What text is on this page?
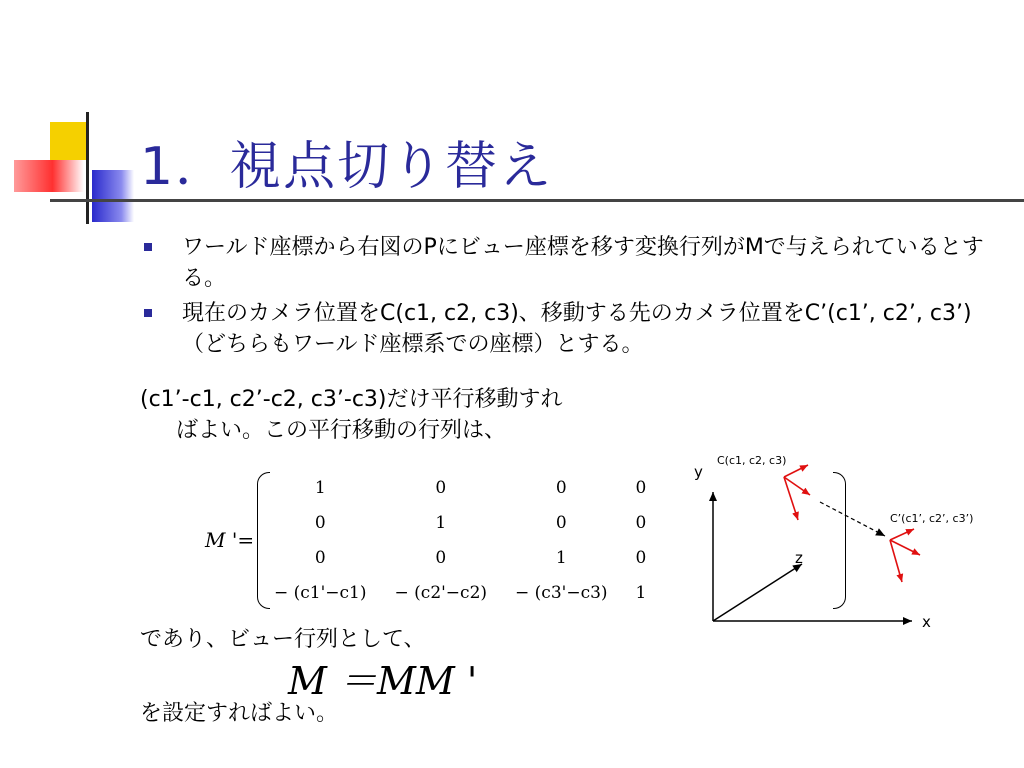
1．視点切り替え
ワールド座標から右図のPにビュー座標を移す変換行列がMで与えられているとする。
現在のカメラ位置をC(c1, c2, c3)、移動する先のカメラ位置をC’(c1’, c2’, c3’)（どちらもワールド座標系での座標）とする。
(c1’-c1, c2’-c2, c3’-c3)だけ平行移動すれ
ばよい。この平行移動の行列は、
M '=
1	0	0	0
0	1	0	0
0	0	1	0
− (c1'−c1)	− (c2'−c2)	− (c3'−c3)	1
であり、ビュー行列として、
M ＝MM '
を設定すればよい。
y
z
x
C(c1, c2, c3)
C’(c1’, c2’, c3’)
